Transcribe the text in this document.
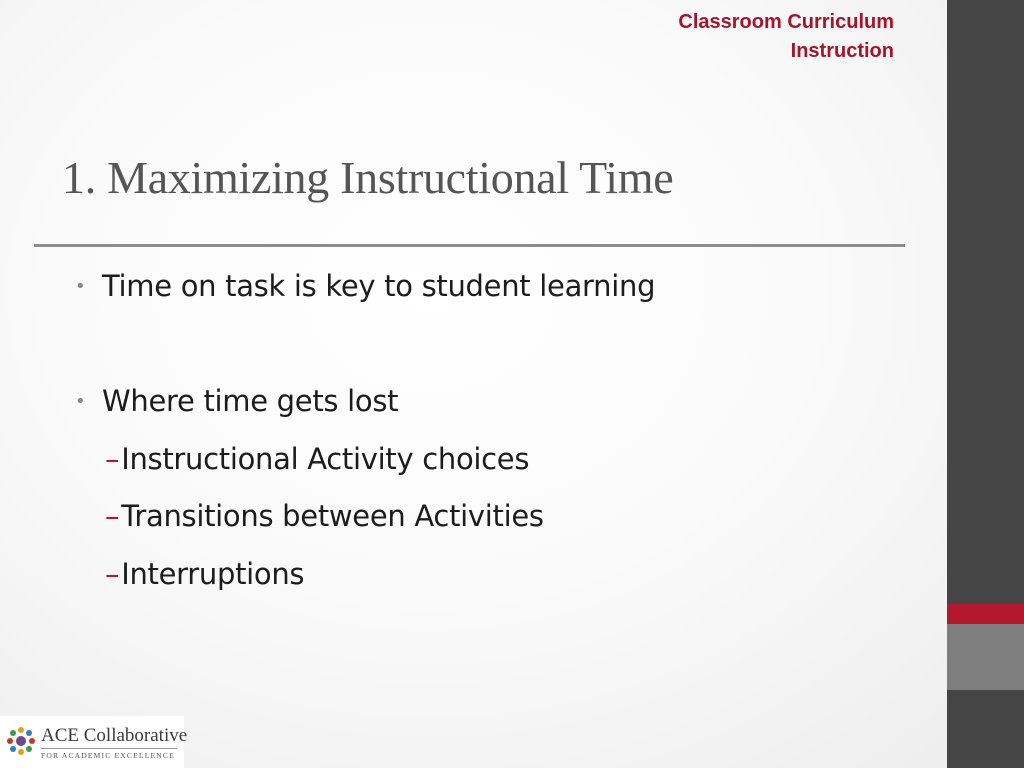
Classroom Curriculum
Instruction
1. Maximizing Instructional Time
• Time on task is key to student learning
• Where time gets lost
–Instructional Activity choices
–Transitions between Activities
–Interruptions
ACE Collaborative
FOR ACADEMIC EXCELLENCE
